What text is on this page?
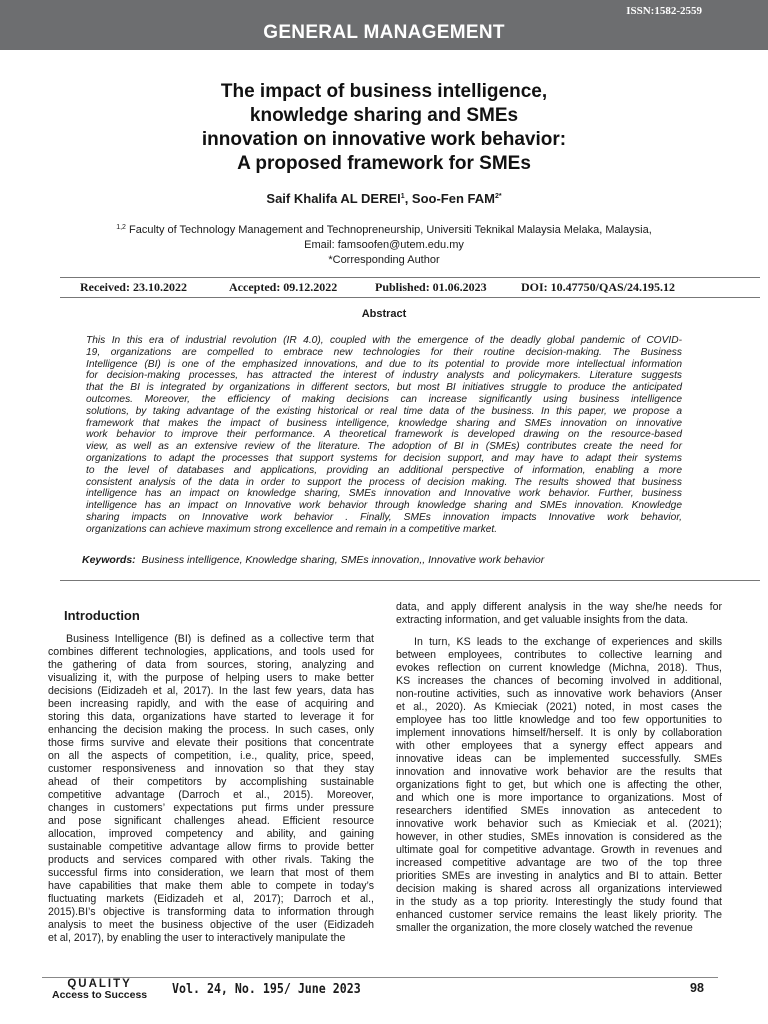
ISSN:1582-2559
GENERAL MANAGEMENT
The impact of business intelligence,
knowledge sharing and SMEs
innovation on innovative work behavior:
A proposed framework for SMEs
Saif Khalifa AL DEREI$^1$, Soo-Fen $FAM^{2*}$
$^{1,2}$ Faculty of Technology Management and Technopreneurship, Universiti Teknikal Malaysia Melaka, Malaysia,
Email: famsoofen@utem.edu.my
*Corresponding Author
Received: 23.10.2022	Accepted: 09.12.2022	Published: 01.06.2023	DOI: 10.47750/QAS/24.195.12
Abstract
This In this era of industrial revolution (IR 4.0), coupled with the emergence of the deadly global pandemic of COVID-
19, organizations are compelled to embrace new technologies for their routine decision-making. The Business
Intelligence (BI) is one of the emphasized innovations, and due to its potential to provide more intellectual information
for decision-making processes, has attracted the interest of industry analysts and policymakers. Literature suggests
that the BI is integrated by organizations in different sectors, but most BI initiatives struggle to produce the anticipated
outcomes. Moreover, the efficiency of making decisions can increase significantly using business intelligence
solutions, by taking advantage of the existing historical or real time data of the business. In this paper, we propose a
framework that makes the impact of business intelligence, knowledge sharing and SMEs innovation on innovative
work behavior to improve their performance. A theoretical framework is developed drawing on the resource-based
view, as well as an extensive review of the literature. The adoption of BI in (SMEs) contributes create the need for
organizations to adapt the processes that support systems for decision support, and may have to adapt their systems
to the level of databases and applications, providing an additional perspective of information, enabling a more
consistent analysis of the data in order to support the process of decision making. The results showed that business
intelligence has an impact on knowledge sharing, SMEs innovation and Innovative work behavior. Further, business
intelligence has an impact on Innovative work behavior through knowledge sharing and SMEs innovation. Knowledge
sharing impacts on Innovative work behavior . Finally, SMEs innovation impacts Innovative work behavior,
organizations can achieve maximum strong excellence and remain in a competitive market.
Keywords: Business intelligence, Knowledge sharing, SMEs innovation,, Innovative work behavior
Introduction
Business Intelligence (BI) is defined as a collective term that
combines different technologies, applications, and tools used for
the gathering of data from sources, storing, analyzing and
visualizing it, with the purpose of helping users to make better
decisions (Eidizadeh et al, 2017). In the last few years, data has
been increasing rapidly, and with the ease of acquiring and
storing this data, organizations have started to leverage it for
enhancing the decision making the process. In such cases, only
those firms survive and elevate their positions that concentrate
on all the aspects of competition, i.e., quality, price, speed,
customer responsiveness and innovation so that they stay
ahead of their competitors by accomplishing sustainable
competitive advantage (Darroch et al., 2015). Moreover,
changes in customers’ expectations put firms under pressure
and pose significant challenges ahead. Efficient resource
allocation, improved competency and ability, and gaining
sustainable competitive advantage allow firms to provide better
products and services compared with other rivals. Taking the
successful firms into consideration, we learn that most of them
have capabilities that make them able to compete in today’s
fluctuating markets (Eidizadeh et al, 2017); Darroch et al.,
2015).BI’s objective is transforming data to information through
analysis to meet the business objective of the user (Eidizadeh
et al, 2017), by enabling the user to interactively manipulate the
data, and apply different analysis in the way she/he needs for
extracting information, and get valuable insights from the data.
In turn, KS leads to the exchange of experiences and skills
between employees, contributes to collective learning and
evokes reflection on current knowledge (Michna, 2018). Thus,
KS increases the chances of becoming involved in additional,
non-routine activities, such as innovative work behaviors (Anser
et al., 2020). As Kmieciak (2021) noted, in most cases the
employee has too little knowledge and too few opportunities to
implement innovations himself/herself. It is only by collaboration
with other employees that a synergy effect appears and
innovative ideas can be implemented successfully. SMEs
innovation and innovative work behavior are the results that
organizations fight to get, but which one is affecting the other,
and which one is more importance to organizations. Most of
researchers identified SMEs innovation as antecedent to
innovative work behavior such as Kmieciak et al. (2021);
however, in other studies, SMEs innovation is considered as the
ultimate goal for competitive advantage. Growth in revenues and
increased competitive advantage are two of the top three
priorities SMEs are investing in analytics and BI to attain. Better
decision making is shared across all organizations interviewed
in the study as a top priority. Interestingly the study found that
enhanced customer service remains the least likely priority. The
smaller the organization, the more closely watched the revenue
QUALITY
Access to Success Vol. 24, No. 195/ June 2023	98
